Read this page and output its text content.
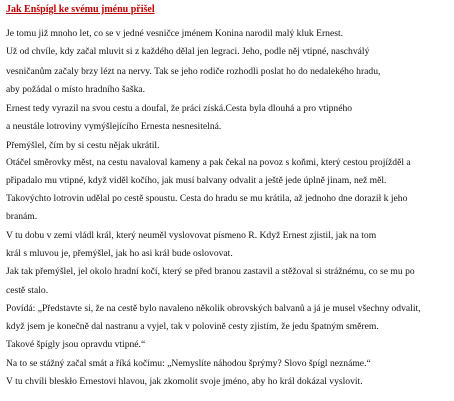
Jak Enšpígl ke svému jménu přišel
Je tomu již mnoho let, co se v jedné vesničce jménem Konina narodil malý kluk Ernest.
Už od chvíle, kdy začal mluvit si z každého dělal jen legraci. Jeho, podle něj vtipné, naschválý
vesničanům začaly brzy lézt na nervy. Tak se jeho rodiče rozhodli poslat ho do nedalekého hradu,
aby požádal o místo hradního šaška.
Ernest tedy vyrazil na svou cestu a doufal, že práci získá.Cesta byla dlouhá a pro vtipného
a neustále lotroviny vymýšlejícího Ernesta nesnesitelná.
Přemýšlel, čím by si cestu nějak ukrátil.
Otáčel směrovky měst, na cestu navaloval kameny a pak čekal na povoz s koňmi, který cestou projížděl a
připadalo mu vtipné, když viděl kočího, jak musí balvany odvalit a ještě jede úplně jinam, než měl.
Takovýchto lotrovin udělal po cestě spoustu. Cesta do hradu se mu krátila, až jednoho dne doraził k jeho
branám.
V tu dobu v zemi vládl král, který neuměl vyslovovat písmeno R. Když Ernest zjistil, jak na tom
král s mluvou je, přemýšlel, jak ho asi král bude oslovovat.
Jak tak přemýšlel, jel okolo hradní kočí, který se před branou zastavil a stěžoval si strážnému, co se mu po
cestě stalo.
Povídá: „Představte si, že na cestě bylo navaleno několik obrovských balvanů a já je musel všechny odvalit,
když jsem je konečně dal nastranu a vyjel, tak v polovině cesty zjistím, že jedu špatným směrem.
Takové špígly jsou opravdu vtipné.“
Na to se stážný začal smát a říká kočímu: „Nemyslíte náhodou šprýmy? Slovo špígl neznáme.“
V tu chvíli bleskło Ernestovi hlavou, jak zkomolit svoje jméno, aby ho král dokázal vyslovit.
